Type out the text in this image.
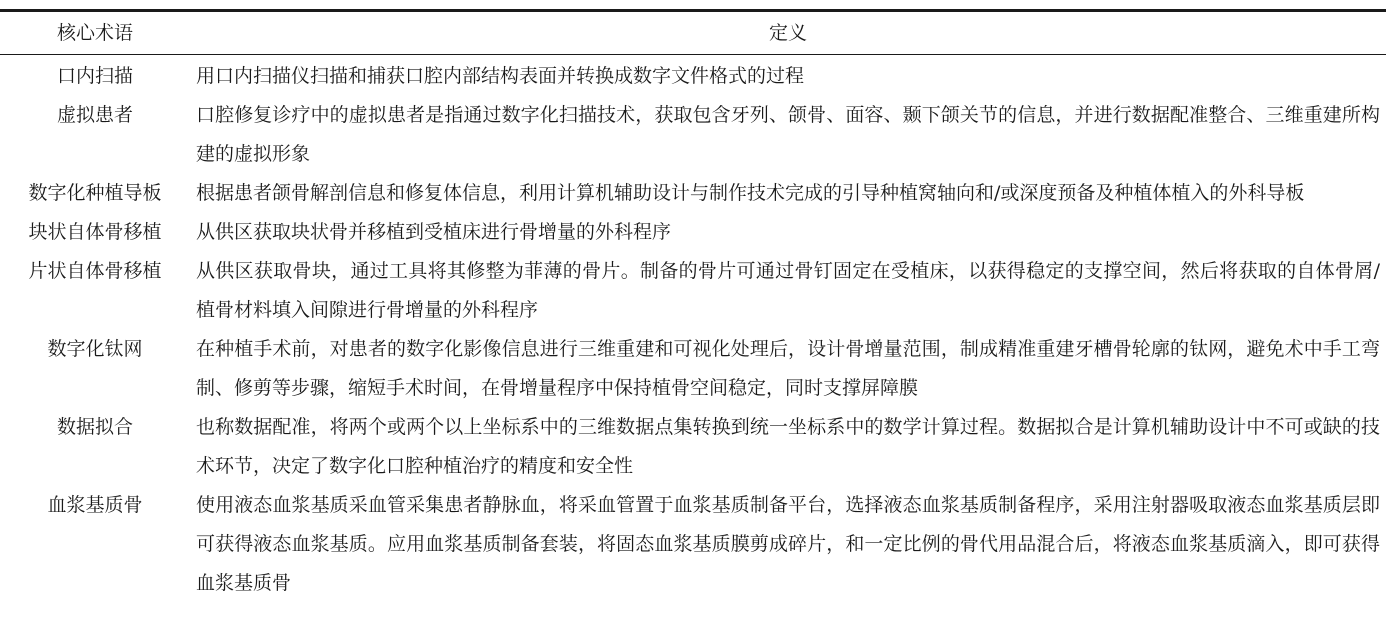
核心术语	定义
口内扫描	用口内扫描仪扫描和捕获口腔内部结构表面并转换成数字文件格式的过程
虚拟患者	口腔修复诊疗中的虚拟患者是指通过数字化扫描技术，获取包含牙列、颌骨、面容、颞下颌关节的信息，并进行数据配准整合、三维重建所构建的虚拟形象
数字化种植导板	根据患者颌骨解剖信息和修复体信息，利用计算机辅助设计与制作技术完成的引导种植窝轴向和/或深度预备及种植体植入的外科导板
块状自体骨移植	从供区获取块状骨并移植到受植床进行骨增量的外科程序
片状自体骨移植	从供区获取骨块，通过工具将其修整为菲薄的骨片。制备的骨片可通过骨钉固定在受植床，以获得稳定的支撑空间，然后将获取的自体骨屑/植骨材料填入间隙进行骨增量的外科程序
数字化钛网	在种植手术前，对患者的数字化影像信息进行三维重建和可视化处理后，设计骨增量范围，制成精准重建牙槽骨轮廓的钛网，避免术中手工弯制、修剪等步骤，缩短手术时间，在骨增量程序中保持植骨空间稳定，同时支撑屏障膜
数据拟合	也称数据配准，将两个或两个以上坐标系中的三维数据点集转换到统一坐标系中的数学计算过程。数据拟合是计算机辅助设计中不可或缺的技术环节，决定了数字化口腔种植治疗的精度和安全性
血浆基质骨	使用液态血浆基质采血管采集患者静脉血，将采血管置于血浆基质制备平台，选择液态血浆基质制备程序，采用注射器吸取液态血浆基质层即可获得液态血浆基质。应用血浆基质制备套装，将固态血浆基质膜剪成碎片，和一定比例的骨代用品混合后，将液态血浆基质滴入，即可获得血浆基质骨
